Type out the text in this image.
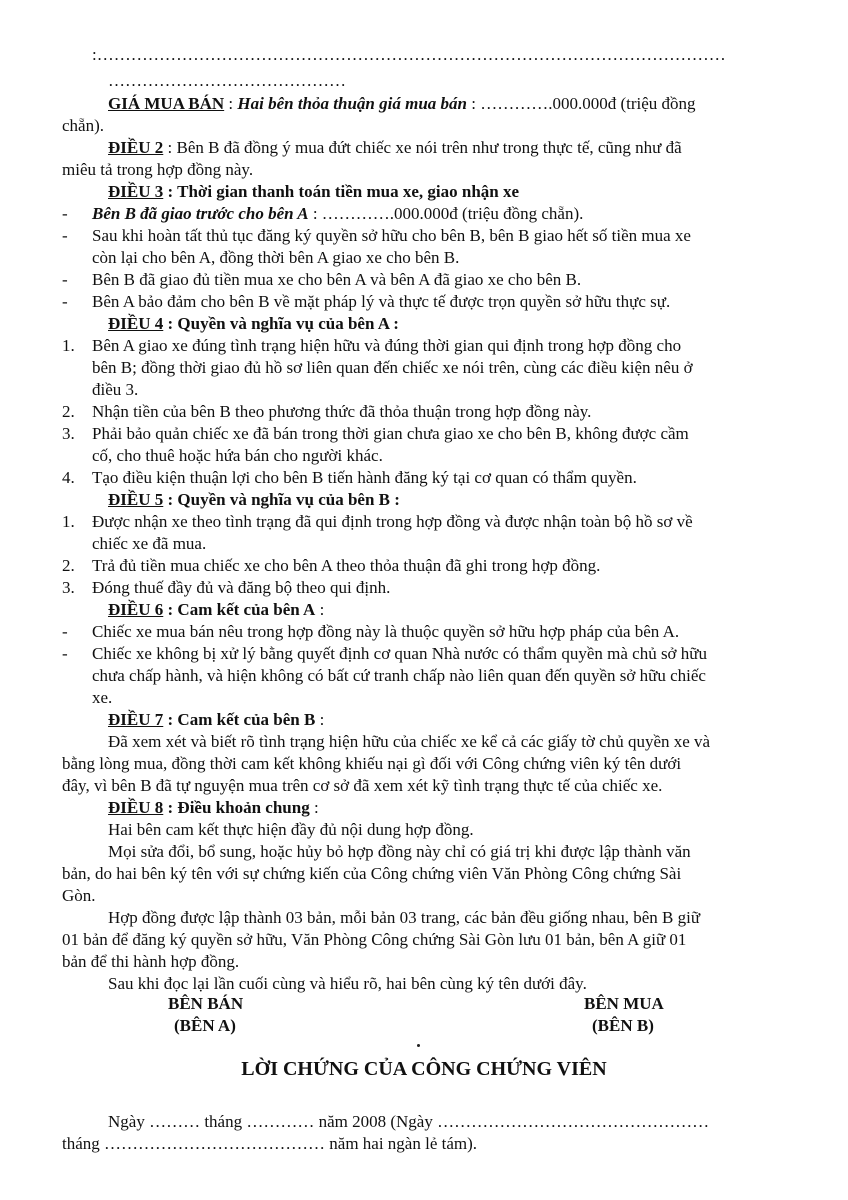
:…………………………………………………………………………………………………
……………………………………
GIÁ MUA BÁN : Hai bên thỏa thuận giá mua bán : ………….000.000đ (triệu đồng
chẵn).
ĐIỀU 2 : Bên B đã đồng ý mua đứt chiếc xe nói trên như trong thực tế, cũng như đã
miêu tả trong hợp đồng này.
ĐIỀU 3 : Thời gian thanh toán tiền mua xe, giao nhận xe
- Bên B đã giao trước cho bên A : ………….000.000đ (triệu đồng chẵn).
- Sau khi hoàn tất thủ tục đăng ký quyền sở hữu cho bên B, bên B giao hết số tiền mua xe
còn lại cho bên A, đồng thời bên A giao xe cho bên B.
- Bên B đã giao đủ tiền mua xe cho bên A và bên A đã giao xe cho bên B.
- Bên A bảo đảm cho bên B về mặt pháp lý và thực tế được trọn quyền sở hữu thực sự.
ĐIỀU 4 : Quyền và nghĩa vụ của bên A :
1. Bên A giao xe đúng tình trạng hiện hữu và đúng thời gian qui định trong hợp đồng cho
bên B; đồng thời giao đủ hồ sơ liên quan đến chiếc xe nói trên, cùng các điều kiện nêu ở
điều 3.
2. Nhận tiền của bên B theo phương thức đã thỏa thuận trong hợp đồng này.
3. Phải bảo quản chiếc xe đã bán trong thời gian chưa giao xe cho bên B, không được cầm
cố, cho thuê hoặc hứa bán cho người khác.
4. Tạo điều kiện thuận lợi cho bên B tiến hành đăng ký tại cơ quan có thẩm quyền.
ĐIỀU 5 : Quyền và nghĩa vụ của bên B :
1. Được nhận xe theo tình trạng đã qui định trong hợp đồng và được nhận toàn bộ hồ sơ về
chiếc xe đã mua.
2. Trả đủ tiền mua chiếc xe cho bên A theo thỏa thuận đã ghi trong hợp đồng.
3. Đóng thuế đầy đủ và đăng bộ theo qui định.
ĐIỀU 6 : Cam kết của bên A :
- Chiếc xe mua bán nêu trong hợp đồng này là thuộc quyền sở hữu hợp pháp của bên A.
- Chiếc xe không bị xử lý bằng quyết định cơ quan Nhà nước có thẩm quyền mà chủ sở hữu
chưa chấp hành, và hiện không có bất cứ tranh chấp nào liên quan đến quyền sở hữu chiếc
xe.
ĐIỀU 7 : Cam kết của bên B :
Đã xem xét và biết rõ tình trạng hiện hữu của chiếc xe kể cả các giấy tờ chủ quyền xe và
bằng lòng mua, đồng thời cam kết không khiếu nại gì đối với Công chứng viên ký tên dưới
đây, vì bên B đã tự nguyện mua trên cơ sở đã xem xét kỹ tình trạng thực tế của chiếc xe.
ĐIỀU 8 : Điều khoản chung :
Hai bên cam kết thực hiện đầy đủ nội dung hợp đồng.
Mọi sửa đổi, bổ sung, hoặc hủy bỏ hợp đồng này chỉ có giá trị khi được lập thành văn
bản, do hai bên ký tên với sự chứng kiến của Công chứng viên Văn Phòng Công chứng Sài
Gòn.
Hợp đồng được lập thành 03 bản, mỗi bản 03 trang, các bản đều giống nhau, bên B giữ
01 bản để đăng ký quyền sở hữu, Văn Phòng Công chứng Sài Gòn lưu 01 bản, bên A giữ 01
bản để thi hành hợp đồng.
Sau khi đọc lại lần cuối cùng và hiểu rõ, hai bên cùng ký tên dưới đây.
BÊN BÁN
(BÊN A)
BÊN MUA
(BÊN B)
LỜI CHỨNG CỦA CÔNG CHỨNG VIÊN
Ngày ……… tháng ………… năm 2008 (Ngày …………………………………………
tháng ………………………………… năm hai ngàn lẻ tám).
